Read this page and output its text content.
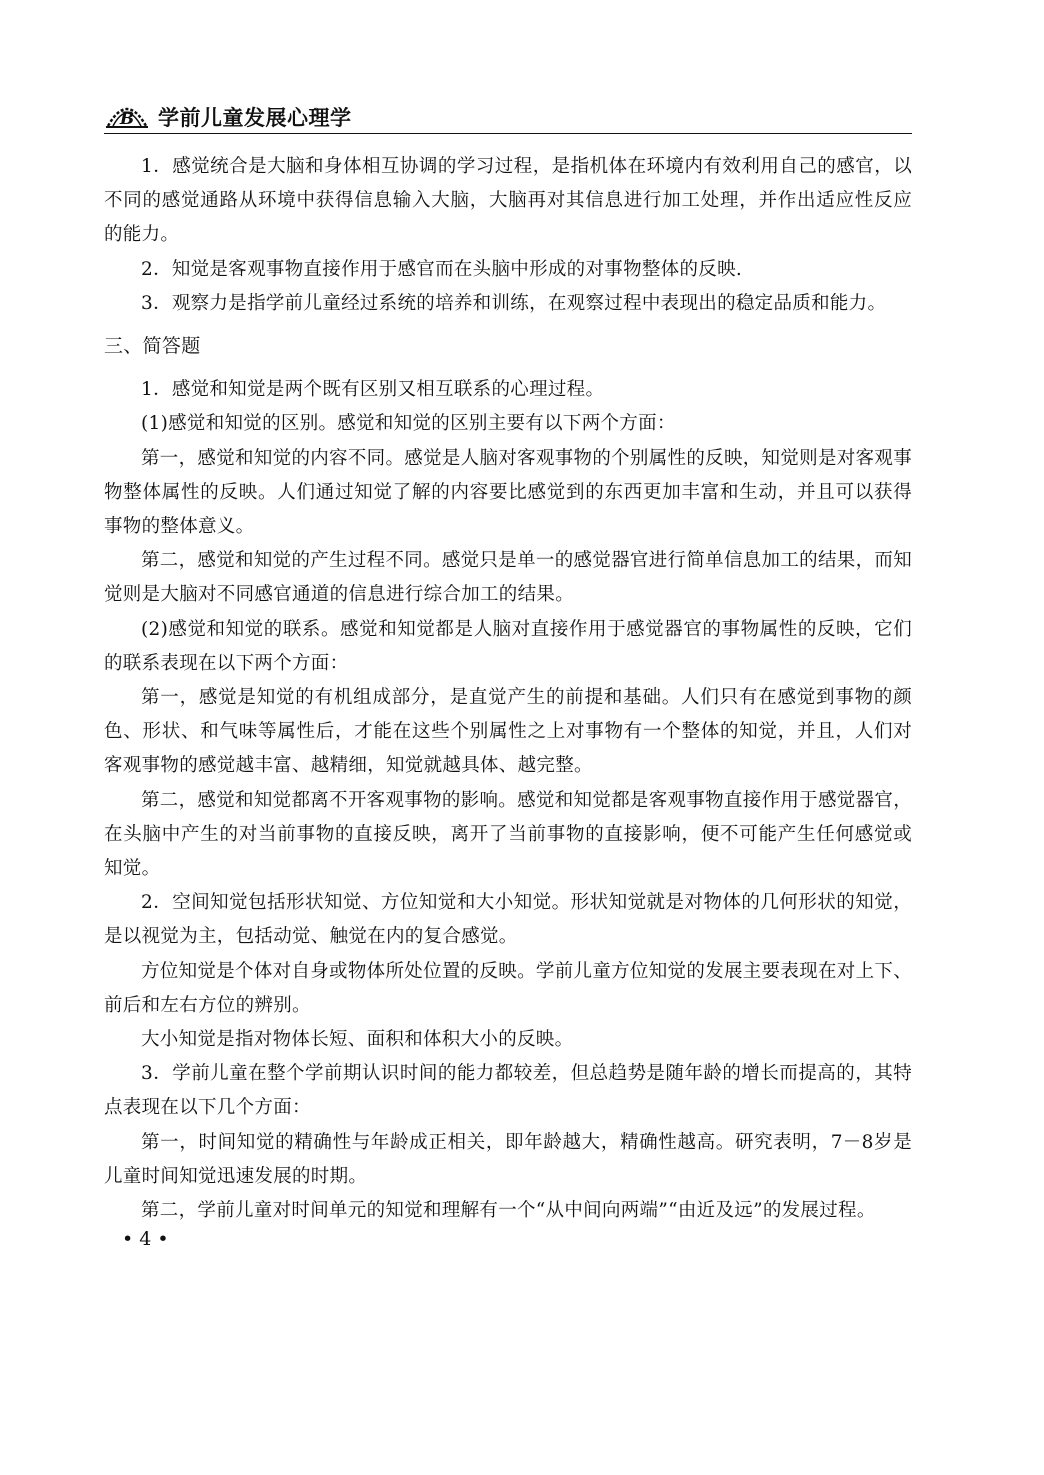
B 学前儿童发展心理学

1．感觉统合是大脑和身体相互协调的学习过程，是指机体在环境内有效利用自己的感官，以不同的感觉通路从环境中获得信息输入大脑，大脑再对其信息进行加工处理，并作出适应性反应的能力。

2．知觉是客观事物直接作用于感官而在头脑中形成的对事物整体的反映.

3．观察力是指学前儿童经过系统的培养和训练，在观察过程中表现出的稳定品质和能力。

三、简答题

1．感觉和知觉是两个既有区别又相互联系的心理过程。

(1)感觉和知觉的区别。感觉和知觉的区别主要有以下两个方面：

第一，感觉和知觉的内容不同。感觉是人脑对客观事物的个别属性的反映，知觉则是对客观事物整体属性的反映。人们通过知觉了解的内容要比感觉到的东西更加丰富和生动，并且可以获得事物的整体意义。

第二，感觉和知觉的产生过程不同。感觉只是单一的感觉器官进行简单信息加工的结果，而知觉则是大脑对不同感官通道的信息进行综合加工的结果。

(2)感觉和知觉的联系。感觉和知觉都是人脑对直接作用于感觉器官的事物属性的反映，它们的联系表现在以下两个方面：

第一，感觉是知觉的有机组成部分，是直觉产生的前提和基础。人们只有在感觉到事物的颜色、形状、和气味等属性后，才能在这些个别属性之上对事物有一个整体的知觉，并且，人们对客观事物的感觉越丰富、越精细，知觉就越具体、越完整。

第二，感觉和知觉都离不开客观事物的影响。感觉和知觉都是客观事物直接作用于感觉器官，在头脑中产生的对当前事物的直接反映，离开了当前事物的直接影响，便不可能产生任何感觉或知觉。

2．空间知觉包括形状知觉、方位知觉和大小知觉。形状知觉就是对物体的几何形状的知觉，是以视觉为主，包括动觉、触觉在内的复合感觉。

方位知觉是个体对自身或物体所处位置的反映。学前儿童方位知觉的发展主要表现在对上下、前后和左右方位的辨别。

大小知觉是指对物体长短、面积和体积大小的反映。

3．学前儿童在整个学前期认识时间的能力都较差，但总趋势是随年龄的增长而提高的，其特点表现在以下几个方面：

第一，时间知觉的精确性与年龄成正相关，即年龄越大，精确性越高。研究表明，7－8岁是儿童时间知觉迅速发展的时期。

第二，学前儿童对时间单元的知觉和理解有一个“从中间向两端”“由近及远”的发展过程。

• 4 •
